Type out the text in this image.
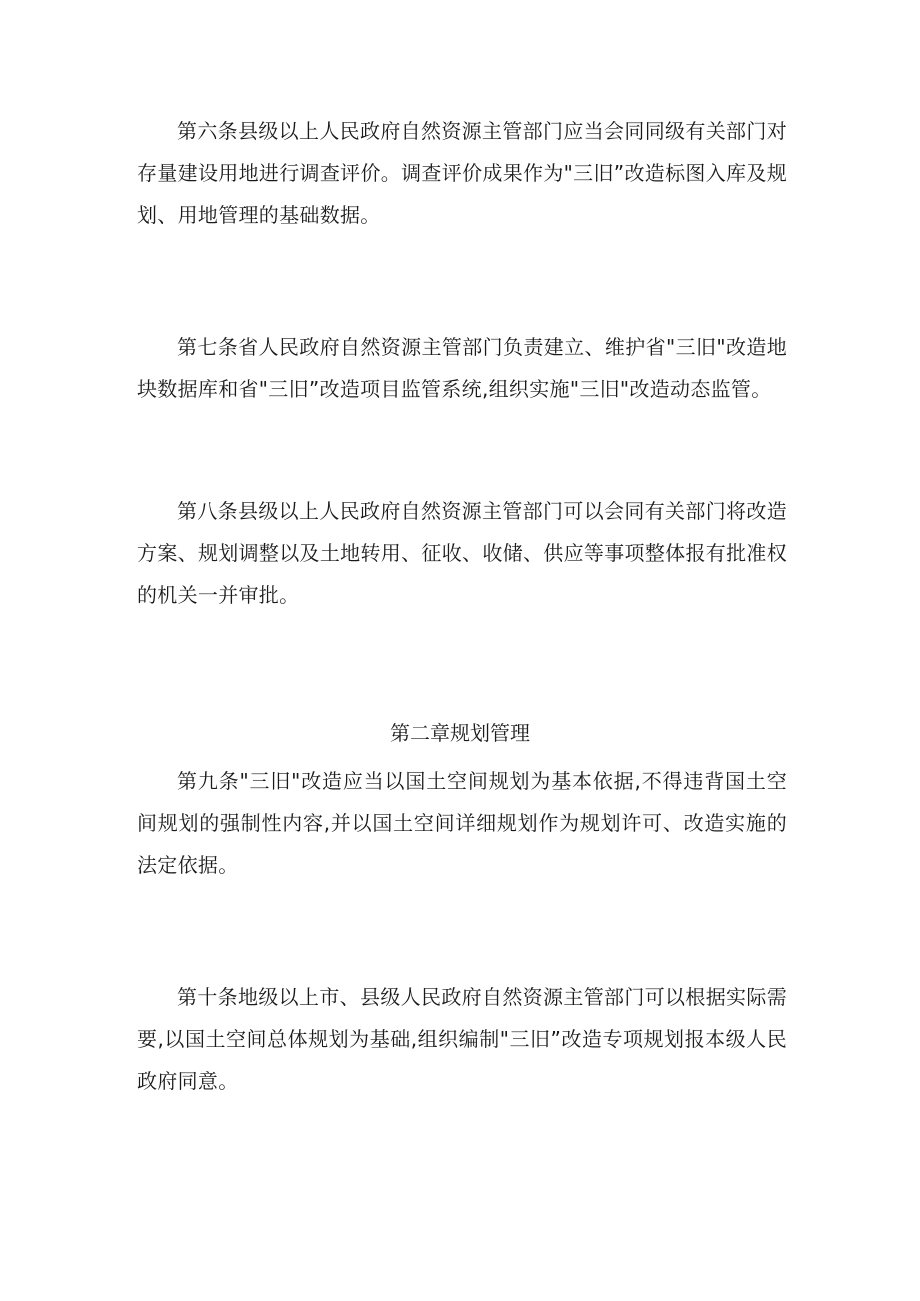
第六条县级以上人民政府自然资源主管部门应当会同同级有关部门对存量建设用地进行调查评价。调查评价成果作为"三旧”改造标图入库及规划、用地管理的基础数据。

第七条省人民政府自然资源主管部门负责建立、维护省"三旧"改造地块数据库和省"三旧”改造项目监管系统,组织实施"三旧"改造动态监管。

第八条县级以上人民政府自然资源主管部门可以会同有关部门将改造方案、规划调整以及土地转用、征收、收储、供应等事项整体报有批准权的机关一并审批。

第二章规划管理

第九条"三旧"改造应当以国土空间规划为基本依据,不得违背国土空间规划的强制性内容,并以国土空间详细规划作为规划许可、改造实施的法定依据。

第十条地级以上市、县级人民政府自然资源主管部门可以根据实际需要,以国土空间总体规划为基础,组织编制"三旧”改造专项规划报本级人民政府同意。
